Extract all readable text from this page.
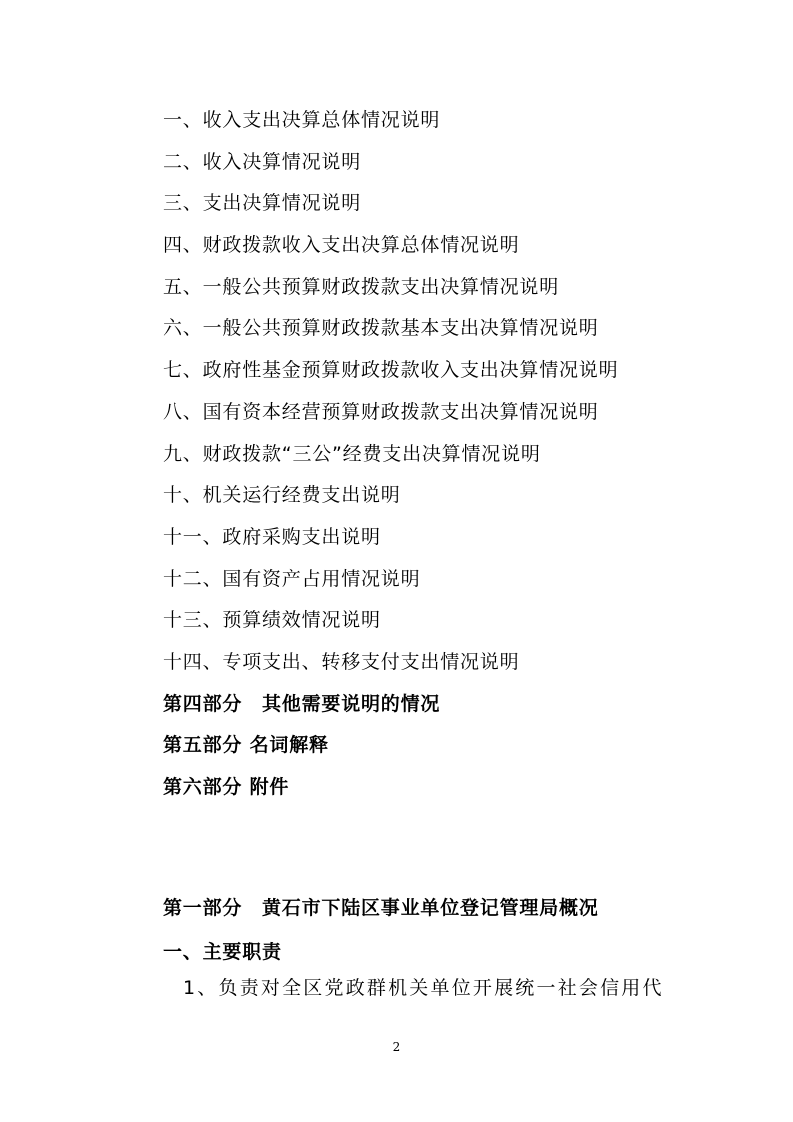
一、收入支出决算总体情况说明
二、收入决算情况说明
三、支出决算情况说明
四、财政拨款收入支出决算总体情况说明
五、一般公共预算财政拨款支出决算情况说明
六、一般公共预算财政拨款基本支出决算情况说明
七、政府性基金预算财政拨款收入支出决算情况说明
八、国有资本经营预算财政拨款支出决算情况说明
九、财政拨款“三公”经费支出决算情况说明
十、机关运行经费支出说明
十一、政府采购支出说明
十二、国有资产占用情况说明
十三、预算绩效情况说明
十四、专项支出、转移支付支出情况说明
第四部分　其他需要说明的情况
第五部分 名词解释
第六部分 附件
第一部分　黄石市下陆区事业单位登记管理局概况
一、主要职责
1、负责对全区党政群机关单位开展统一社会信用代
2
